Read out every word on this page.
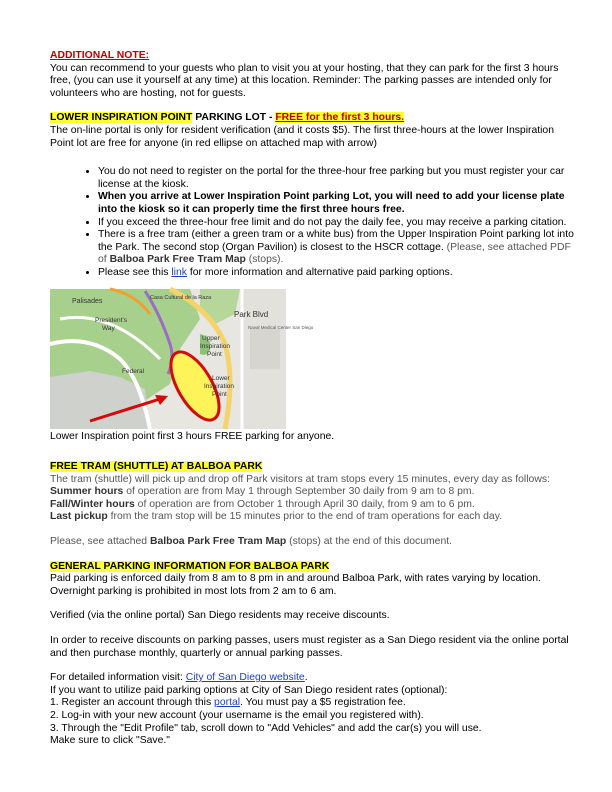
ADDITIONAL NOTE:

You can recommend to your guests who plan to visit you at your hosting, that they can park for the first 3 hours free, (you can use it yourself at any time) at this location. Reminder: The parking passes are intended only for volunteers who are hosting, not for guests.

LOWER INSPIRATION POINT PARKING LOT - FREE for the first 3 hours.

The on-line portal is only for resident verification (and it costs $5). The first three-hours at the lower Inspiration Point lot are free for anyone (in red ellipse on attached map with arrow)

• You do not need to register on the portal for the three-hour free parking but you must register your car license at the kiosk.
• When you arrive at Lower Inspiration Point parking Lot, you will need to add your license plate into the kiosk so it can properly time the first three hours free.
• If you exceed the three-hour free limit and do not pay the daily fee, you may receive a parking citation.
• There is a free tram (either a green tram or a white bus) from the Upper Inspiration Point parking lot into the Park. The second stop (Organ Pavilion) is closest to the HSCR cottage. (Please, see attached PDF of Balboa Park Free Tram Map (stops).
• Please see this link for more information and alternative paid parking options.
Palisades	Casa Cultural de la Raza
President's
Way
Park Blvd
Naval Medical Center San Diego
Upper
Inspiration
Point
Federal
Lower
Inspiration
Point

Lower Inspiration point first 3 hours FREE parking for anyone.

FREE TRAM (SHUTTLE) AT BALBOA PARK

The tram (shuttle) will pick up and drop off Park visitors at tram stops every 15 minutes, every day as follows:

Summer hours of operation are from May 1 through September 30 daily from 9 am to 8 pm.

Fall/Winter hours of operation are from October 1 through April 30 daily, from 9 am to 6 pm.

Last pickup from the tram stop will be 15 minutes prior to the end of tram operations for each day.

Please, see attached Balboa Park Free Tram Map (stops) at the end of this document.

GENERAL PARKING INFORMATION FOR BALBOA PARK

Paid parking is enforced daily from 8 am to 8 pm in and around Balboa Park, with rates varying by location. Overnight parking is prohibited in most lots from 2 am to 6 am.

Verified (via the online portal) San Diego residents may receive discounts.

In order to receive discounts on parking passes, users must register as a San Diego resident via the online portal and then purchase monthly, quarterly or annual parking passes.

For detailed information visit: City of San Diego website.

If you want to utilize paid parking options at City of San Diego resident rates (optional):

1. Register an account through this portal. You must pay a $5 registration fee.

2. Log-in with your new account (your username is the email you registered with).

3. Through the "Edit Profile" tab, scroll down to "Add Vehicles" and add the car(s) you will use.

Make sure to click "Save."
